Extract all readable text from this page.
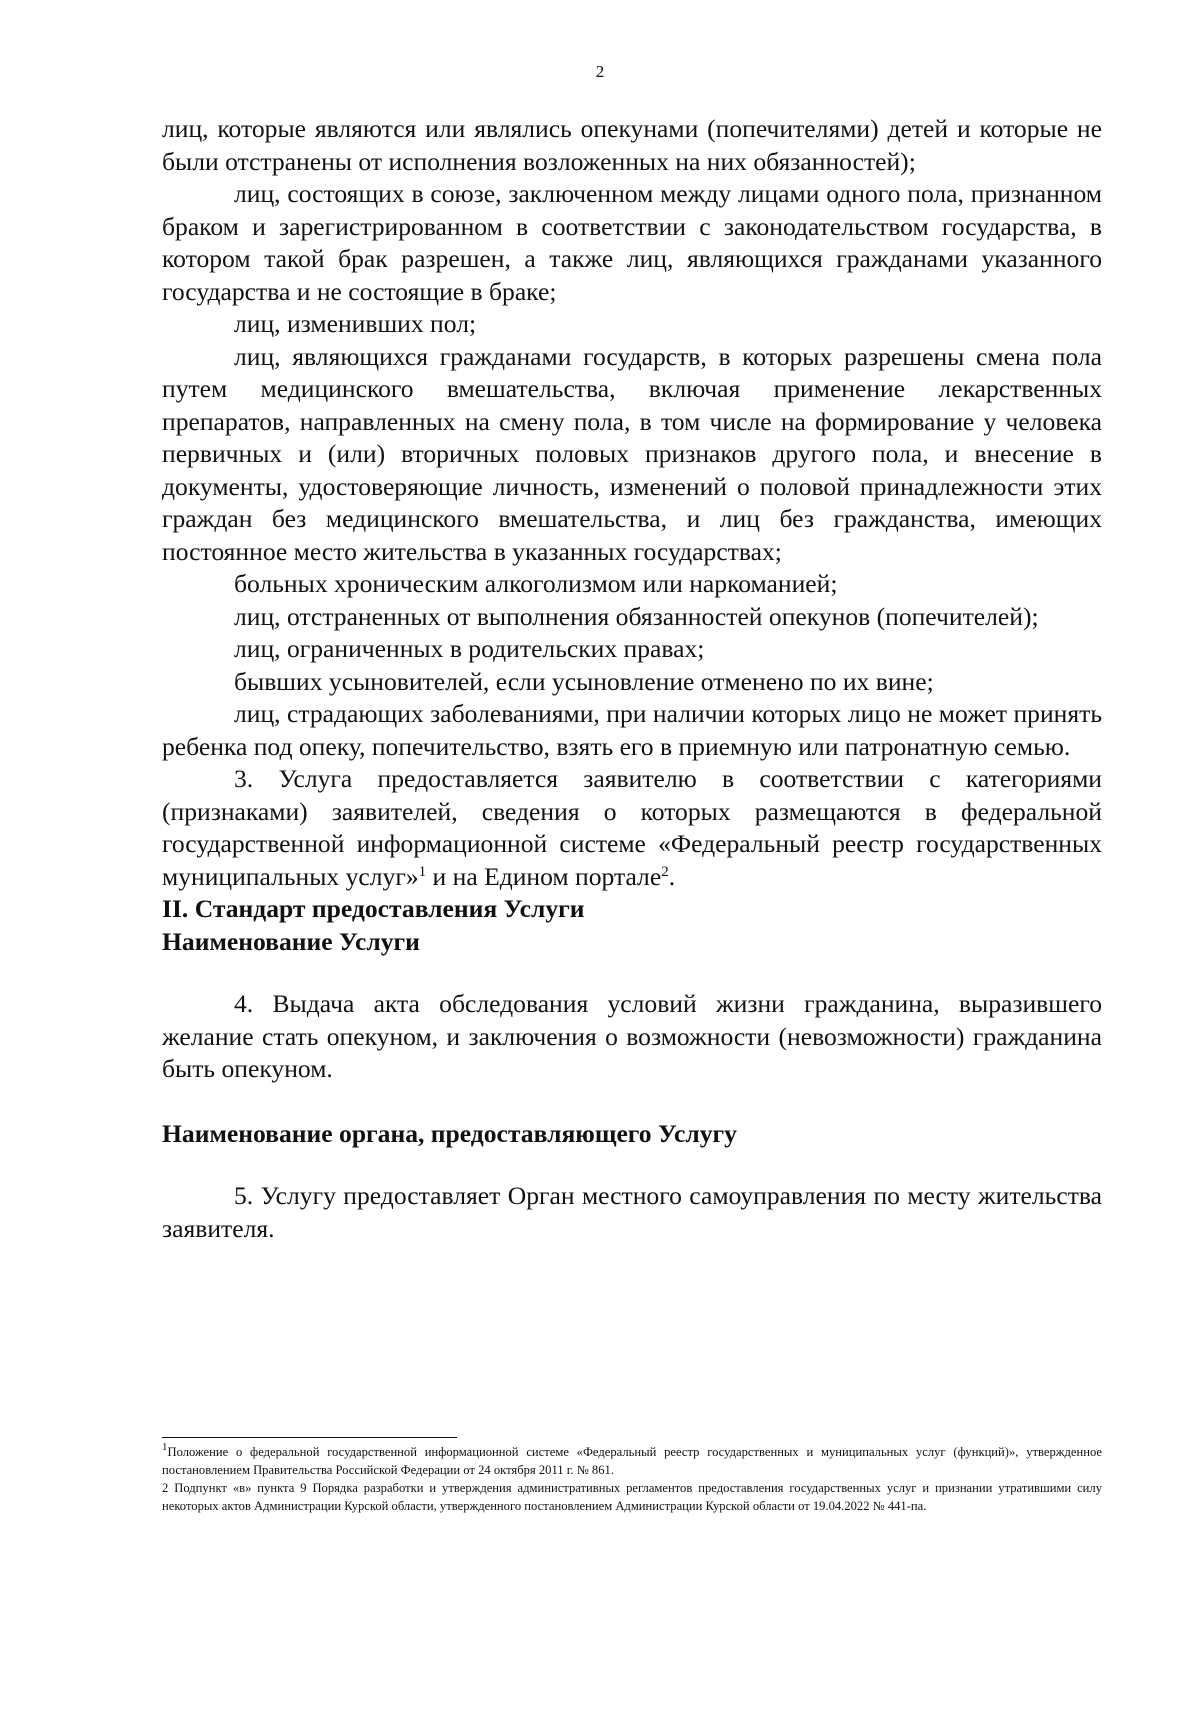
2

лиц, которые являются или являлись опекунами (попечителями) детей и которые не были отстранены от исполнения возложенных на них обязанностей);

лиц, состоящих в союзе, заключенном между лицами одного пола, признанном браком и зарегистрированном в соответствии с законодательством государства, в котором такой брак разрешен, а также лиц, являющихся гражданами указанного государства и не состоящие в браке;

лиц, изменивших пол;

лиц, являющихся гражданами государств, в которых разрешены смена пола путем медицинского вмешательства, включая применение лекарственных препаратов, направленных на смену пола, в том числе на формирование у человека первичных и (или) вторичных половых признаков другого пола, и внесение в документы, удостоверяющие личность, изменений о половой принадлежности этих граждан без медицинского вмешательства, и лиц без гражданства, имеющих постоянное место жительства в указанных государствах;

больных хроническим алкоголизмом или наркоманией;

лиц, отстраненных от выполнения обязанностей опекунов (попечителей);

лиц, ограниченных в родительских правах;

бывших усыновителей, если усыновление отменено по их вине;

лиц, страдающих заболеваниями, при наличии которых лицо не может принять ребенка под опеку, попечительство, взять его в приемную или патронатную семью.

3. Услуга предоставляется заявителю в соответствии с категориями (признаками) заявителей, сведения о которых размещаются в федеральной государственной информационной системе «Федеральный реестр государственных муниципальных услуг»$^1$ и на Едином портале$^2$.

II. Стандарт предоставления Услуги

Наименование Услуги

4. Выдача акта обследования условий жизни гражданина, выразившего желание стать опекуном, и заключения о возможности (невозможности) гражданина быть опекуном.

Наименование органа, предоставляющего Услугу

5. Услугу предоставляет Орган местного самоуправления по месту жительства заявителя.

$^1$Положение о федеральной государственной информационной системе «Федеральный реестр государственных и муниципальных услуг (функций)», утвержденное постановлением Правительства Российской Федерации от 24 октября 2011 г. № 861.

2 Подпункт «в» пункта 9 Порядка разработки и утверждения административных регламентов предоставления государственных услуг и признании утратившими силу некоторых актов Администрации Курской области, утвержденного постановлением Администрации Курской области от 19.04.2022 № 441-па.
